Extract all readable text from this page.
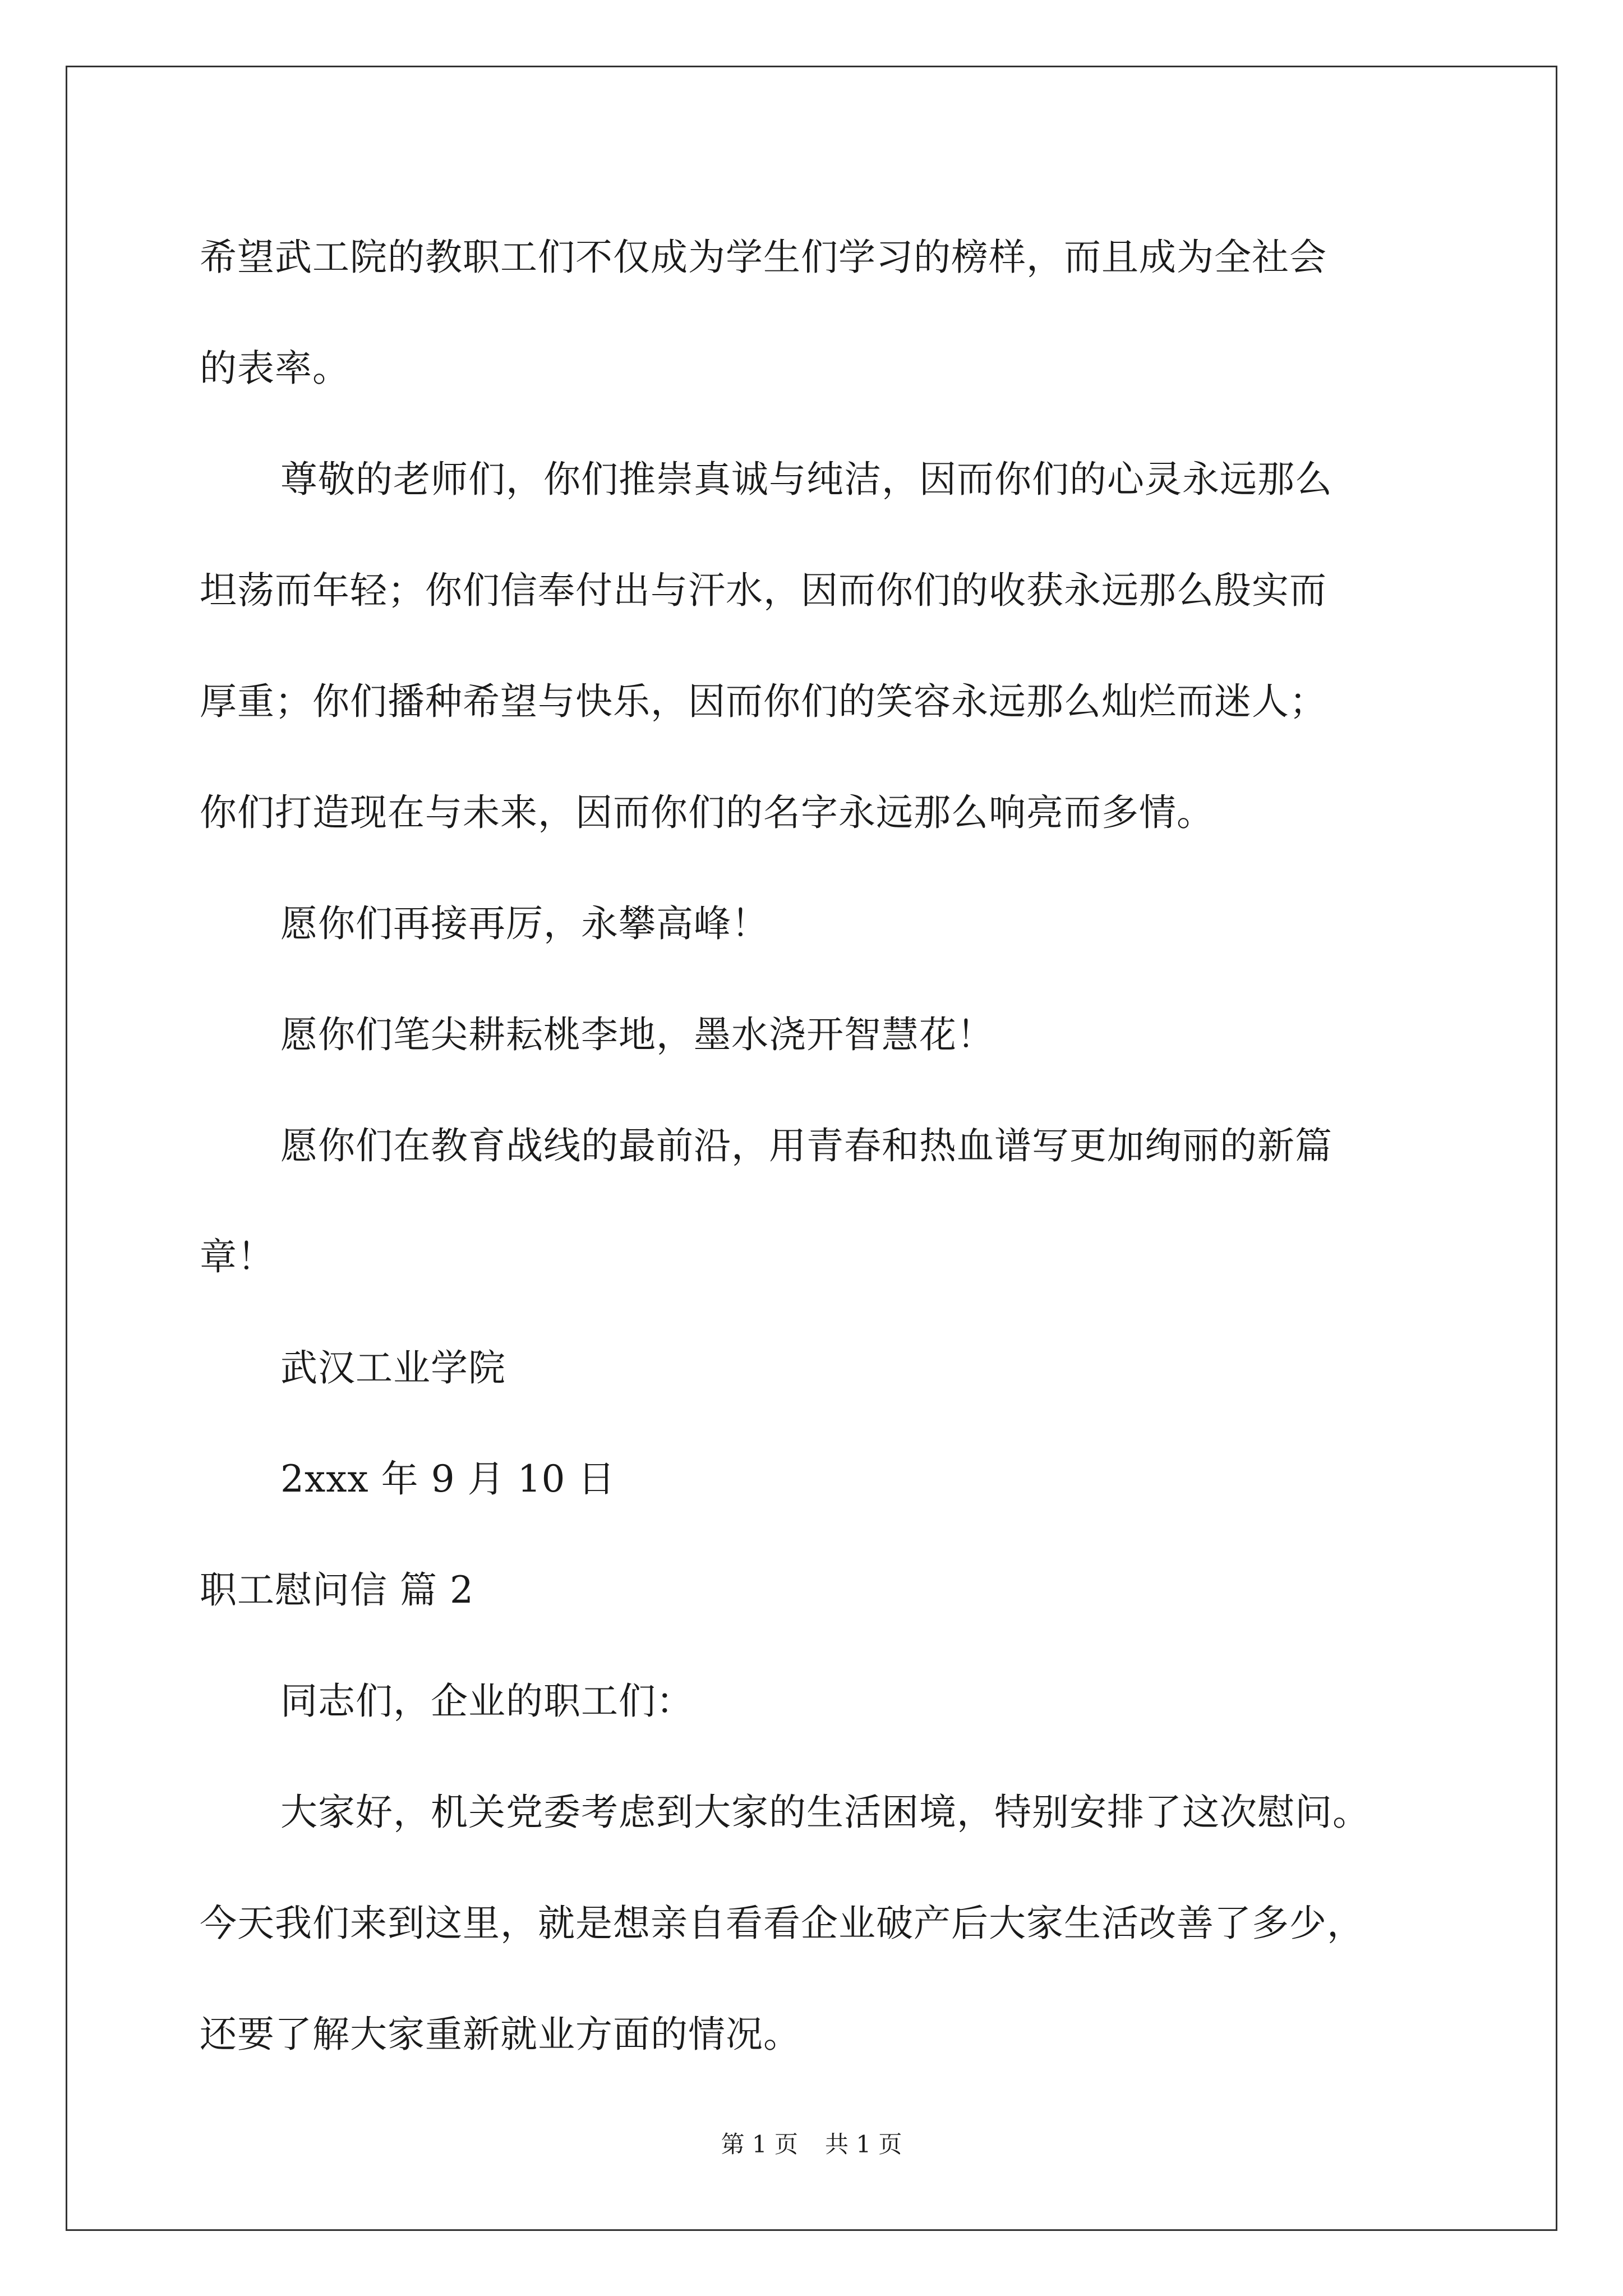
希望武工院的教职工们不仅成为学生们学习的榜样，而且成为全社会
的表率。
尊敬的老师们，你们推崇真诚与纯洁，因而你们的心灵永远那么
坦荡而年轻；你们信奉付出与汗水，因而你们的收获永远那么殷实而
厚重；你们播种希望与快乐，因而你们的笑容永远那么灿烂而迷人；
你们打造现在与未来，因而你们的名字永远那么响亮而多情。
愿你们再接再厉，永攀高峰！
愿你们笔尖耕耘桃李地，墨水浇开智慧花！
愿你们在教育战线的最前沿，用青春和热血谱写更加绚丽的新篇
章！
武汉工业学院
2xxx 年 9 月 10 日
职工慰问信 篇 2
同志们，企业的职工们：
大家好，机关党委考虑到大家的生活困境，特别安排了这次慰问。
今天我们来到这里，就是想亲自看看企业破产后大家生活改善了多少，
还要了解大家重新就业方面的情况。
第 1 页 共 1 页
